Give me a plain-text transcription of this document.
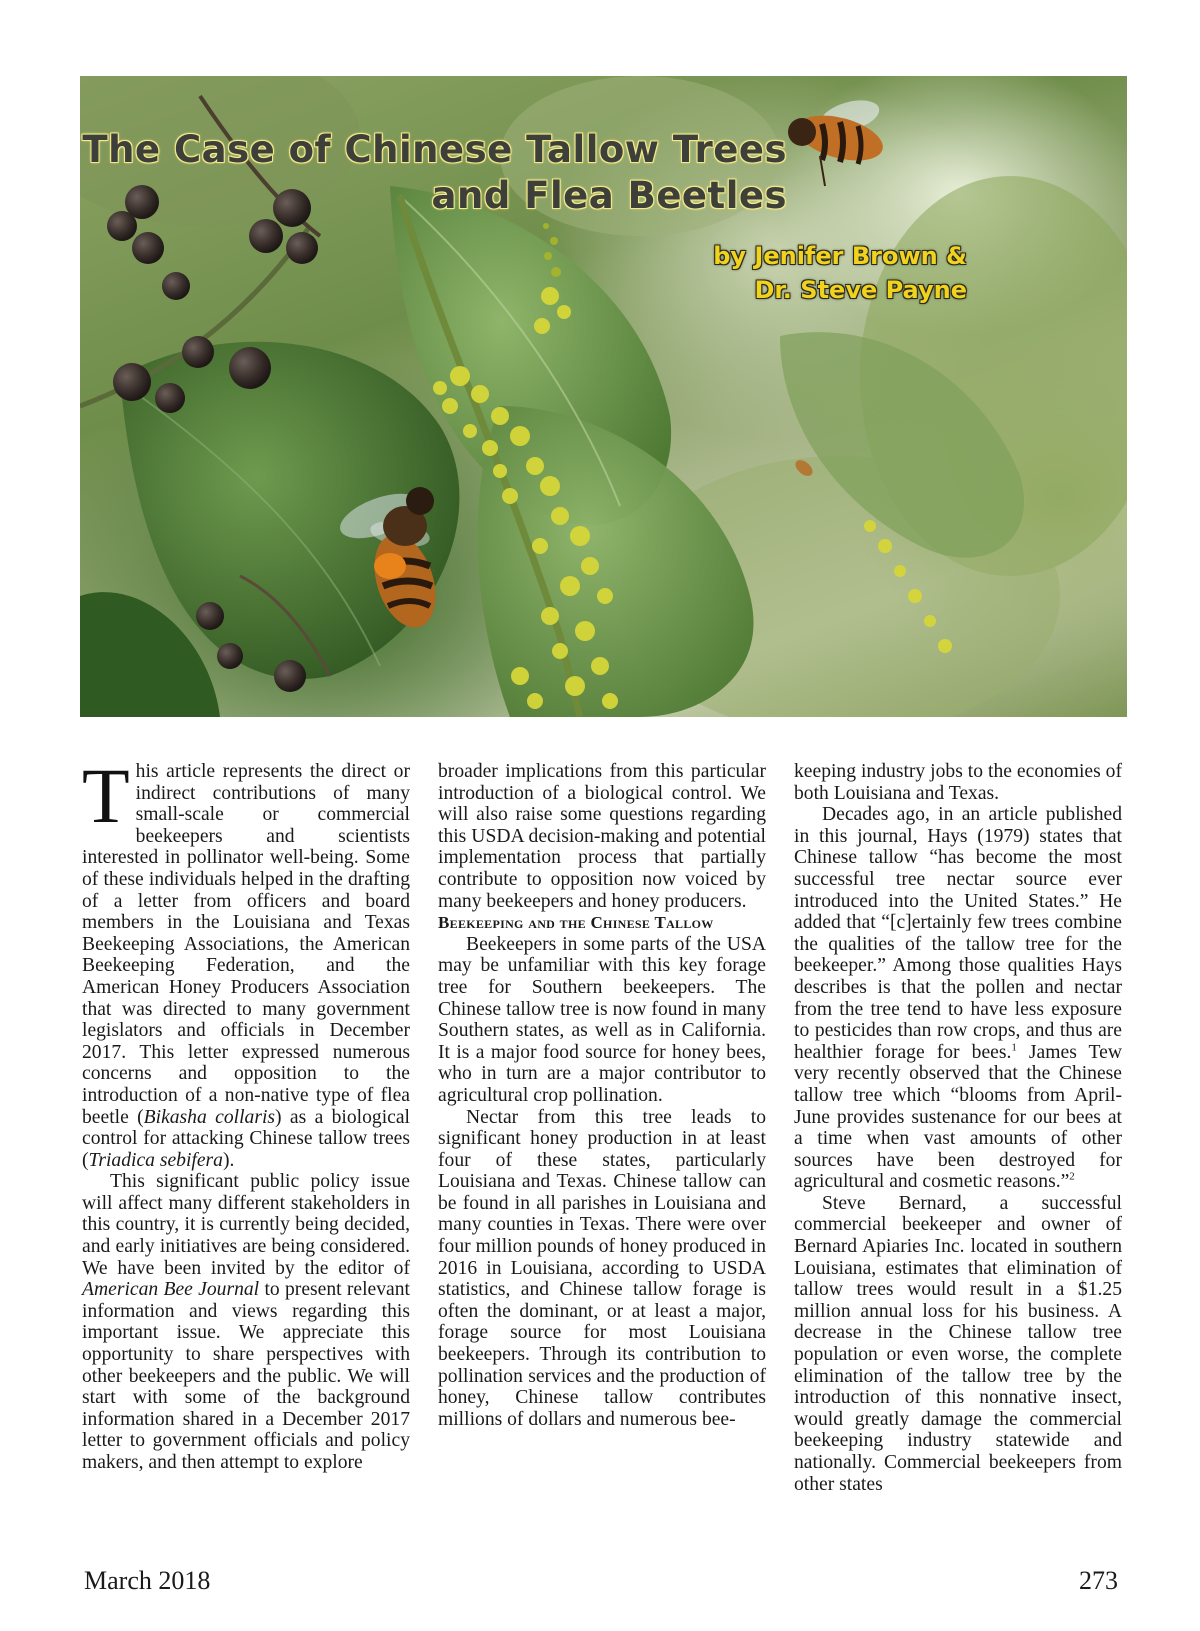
The Case of Chinese Tallow Trees

and Flea Beetles

by Jenifer Brown &

Dr. Steve Payne

This article represents the direct or indirect contributions of many small-scale or commercial beekeepers and scientists interested in pollinator well-being. Some of these individuals helped in the drafting of a letter from officers and board members in the Louisiana and Texas Beekeeping Associations, the American Beekeeping Federation, and the American Honey Producers Association that was directed to many government legislators and officials in December 2017. This letter expressed numerous concerns and opposition to the introduction of a non-native type of flea beetle (Bikasha collaris) as a biological control for attacking Chinese tallow trees (Triadica sebifera).

This significant public policy issue will affect many different stakeholders in this country, it is currently being decided, and early initiatives are being considered. We have been invited by the editor of American Bee Journal to present relevant information and views regarding this important issue. We appreciate this opportunity to share perspectives with other beekeepers and the public. We will start with some of the background information shared in a December 2017 letter to government officials and policy makers, and then attempt to explore

broader implications from this particular introduction of a biological control. We will also raise some questions regarding this USDA decision-making and potential implementation process that partially contribute to opposition now voiced by many beekeepers and honey producers.

Beekeeping and the Chinese Tallow

Beekeepers in some parts of the USA may be unfamiliar with this key forage tree for Southern beekeepers. The Chinese tallow tree is now found in many Southern states, as well as in California. It is a major food source for honey bees, who in turn are a major contributor to agricultural crop pollination.

Nectar from this tree leads to significant honey production in at least four of these states, particularly Louisiana and Texas. Chinese tallow can be found in all parishes in Louisiana and many counties in Texas. There were over four million pounds of honey produced in 2016 in Louisiana, according to USDA statistics, and Chinese tallow forage is often the dominant, or at least a major, forage source for most Louisiana beekeepers. Through its contribution to pollination services and the production of honey, Chinese tallow contributes millions of dollars and numerous bee-

keeping industry jobs to the economies of both Louisiana and Texas.

Decades ago, in an article published in this journal, Hays (1979) states that Chinese tallow “has become the most successful tree nectar source ever introduced into the United States.” He added that “[c]ertainly few trees combine the qualities of the tallow tree for the beekeeper.” Among those qualities Hays describes is that the pollen and nectar from the tree tend to have less exposure to pesticides than row crops, and thus are healthier forage for bees.$^1$ James Tew very recently observed that the Chinese tallow tree which “blooms from April-June provides sustenance for our bees at a time when vast amounts of other sources have been destroyed for agricultural and cosmetic reasons.”$^2$

Steve Bernard, a successful commercial beekeeper and owner of Bernard Apiaries Inc. located in southern Louisiana, estimates that elimination of tallow trees would result in a $1.25 million annual loss for his business. A decrease in the Chinese tallow tree population or even worse, the complete elimination of the tallow tree by the introduction of this nonnative insect, would greatly damage the commercial beekeeping industry statewide and nationally. Commercial beekeepers from other states

March 2018	273
